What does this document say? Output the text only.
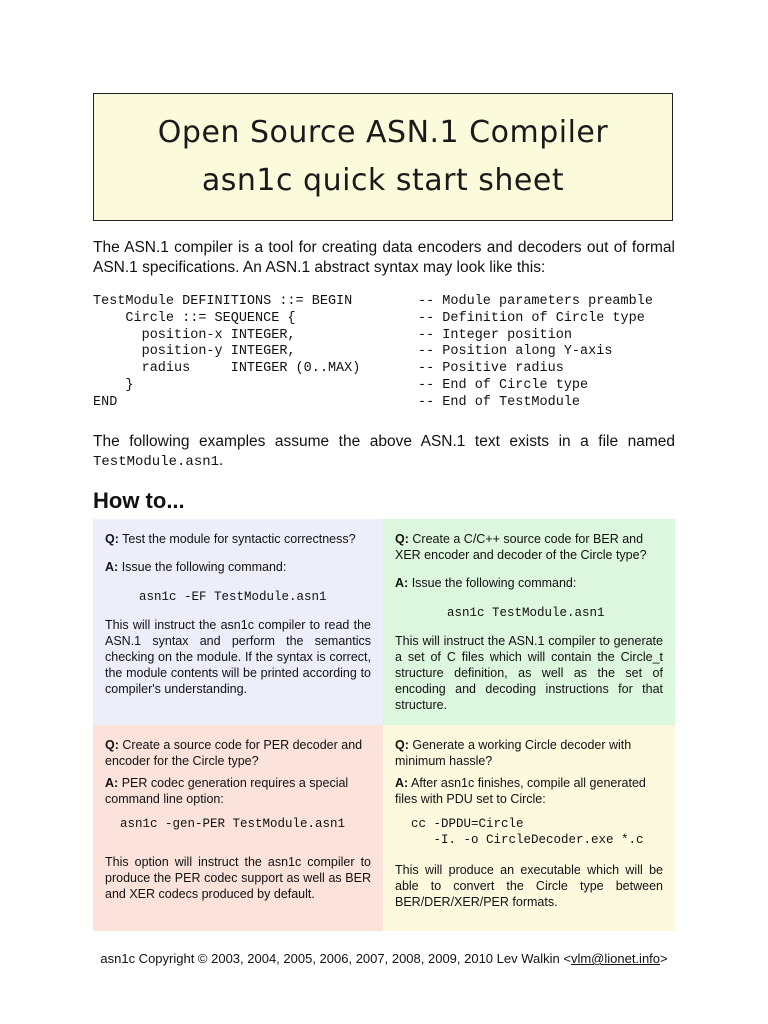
Open Source ASN.1 Compiler
asn1c quick start sheet
The ASN.1 compiler is a tool for creating data encoders and decoders out of formal ASN.1 specifications. An ASN.1 abstract syntax may look like this:
TestModule DEFINITIONS ::= BEGIN	-- Module parameters preamble
Circle ::= SEQUENCE {	-- Definition of Circle type
position-x INTEGER,	-- Integer position
position-y INTEGER,	-- Position along Y-axis
radius     INTEGER (0..MAX)	-- Positive radius
}	-- End of Circle type
END	-- End of TestModule
The following examples assume the above ASN.1 text exists in a file named TestModule.asn1.
How to...

Q: Test the module for syntactic correctness?

A: Issue the following command:

asn1c -EF TestModule.asn1

This will instruct the asn1c compiler to read the ASN.1 syntax and perform the semantics checking on the module. If the syntax is correct, the module contents will be printed according to compiler's understanding.

Q: Create a C/C++ source code for BER and XER encoder and decoder of the Circle type?

A: Issue the following command:

asn1c TestModule.asn1

This will instruct the ASN.1 compiler to generate a set of C files which will contain the Circle_t structure definition, as well as the set of encoding and decoding instructions for that structure.

Q: Create a source code for PER decoder and encoder for the Circle type?

A: PER codec generation requires a special command line option:

asn1c -gen-PER TestModule.asn1

This option will instruct the asn1c compiler to produce the PER codec support as well as BER and XER codecs produced by default.

Q: Generate a working Circle decoder with minimum hassle?

A: After asn1c finishes, compile all generated files with PDU set to Circle:

cc -DPDU=Circle
-I. -o CircleDecoder.exe *.c

This will produce an executable which will be able to convert the Circle type between BER/DER/XER/PER formats.

asn1c Copyright © 2003, 2004, 2005, 2006, 2007, 2008, 2009, 2010 Lev Walkin <vlm@lionet.info>
